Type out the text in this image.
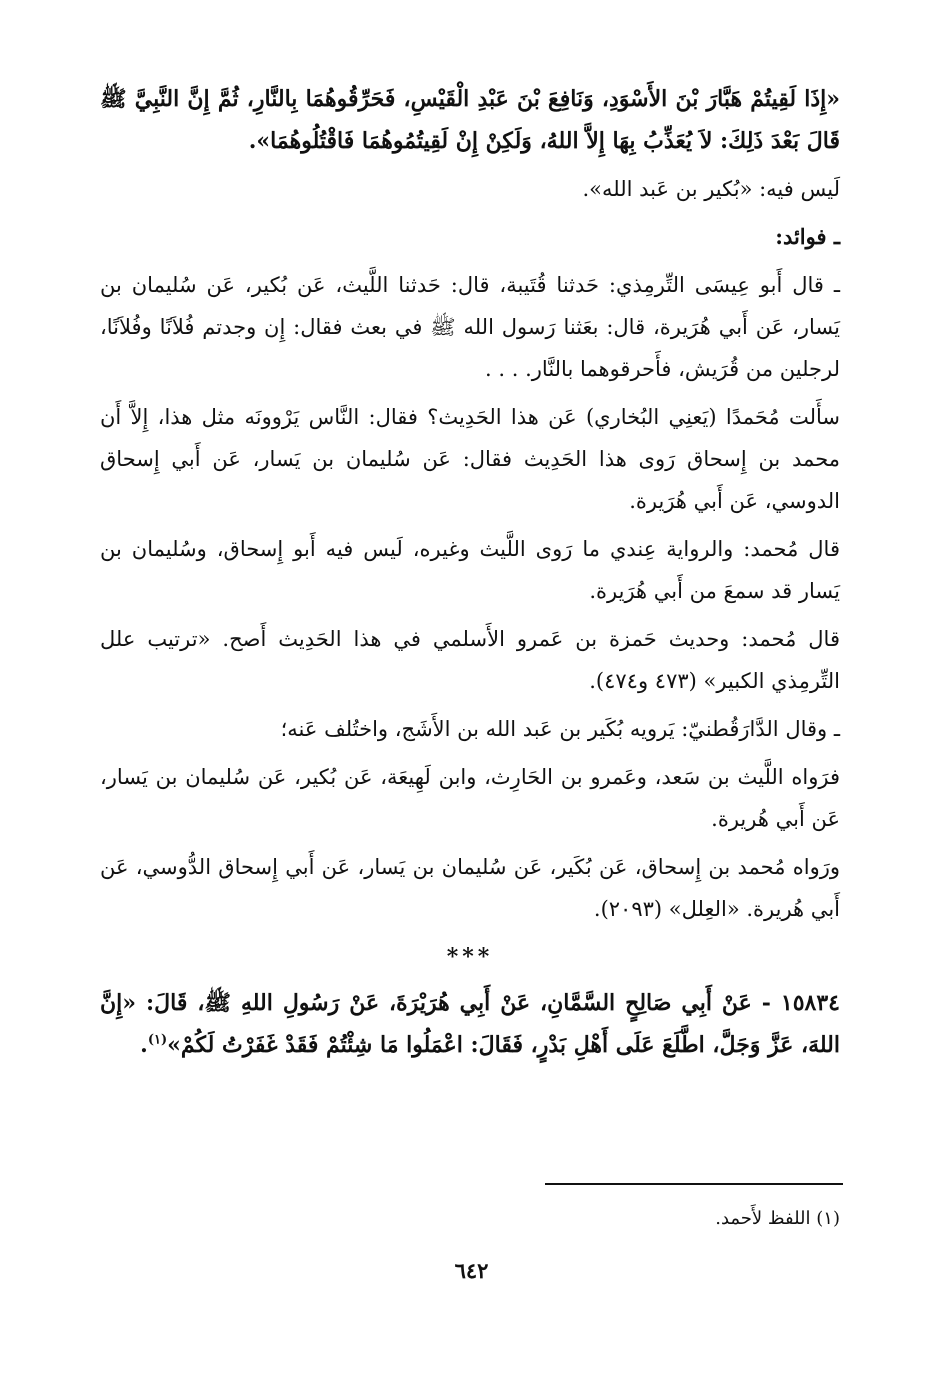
«إِذَا لَقِيتُمْ هَبَّارَ بْنَ الأَسْوَدِ، وَنَافِعَ بْنَ عَبْدِ الْقَيْسِ، فَحَرِّقُوهُمَا بِالنَّارِ، ثُمَّ إِنَّ النَّبِيَّ ﷺ قَالَ بَعْدَ ذَلِكَ: لاَ يُعَذِّبُ بِهَا إِلاَّ اللهُ، وَلَكِنْ إِنْ لَقِيتُمُوهُمَا فَاقْتُلُوهُمَا».

لَيس فيه: «بُكير بن عَبد الله».

ـ فوائد:

ـ قال أَبو عِيسَى التِّرمِذي: حَدثنا قُتَيبة، قال: حَدثنا اللَّيث، عَن بُكير، عَن سُليمان بن يَسار، عَن أَبي هُرَيرة، قال: بعَثنا رَسول الله ﷺ في بعث فقال: إِن وجدتم فُلاَنًا وفُلاَنًا، لرجلين من قُرَيش، فأَحرقوهما بالنَّار. . . .

سأَلت مُحَمدًا (يَعنِي البُخاري) عَن هذا الحَدِيث؟ فقال: النَّاس يَرْوونَه مثل هذا، إِلاَّ أَن محمد بن إِسحاق رَوى هذا الحَدِيث فقال: عَن سُليمان بن يَسار، عَن أَبي إِسحاق الدوسي، عَن أَبي هُرَيرة.

قال مُحمد: والرواية عِندي ما رَوى اللَّيث وغيره، لَيس فيه أَبو إِسحاق، وسُليمان بن يَسار قد سمعَ من أَبي هُرَيرة.

قال مُحمد: وحديث حَمزة بن عَمرو الأَسلمي في هذا الحَدِيث أَصح. «ترتيب علل التِّرمِذي الكبير» (٤٧٣ و٤٧٤).

ـ وقال الدَّارَقُطنيّ: يَرويه بُكَير بن عَبد الله بن الأَشَج، واختُلف عَنه؛

فرَواه اللَّيث بن سَعد، وعَمرو بن الحَارِث، وابن لَهِيعَة، عَن بُكير، عَن سُليمان بن يَسار، عَن أَبي هُريرة.

ورَواه مُحمد بن إِسحاق، عَن بُكَير، عَن سُليمان بن يَسار، عَن أَبي إِسحاق الدُّوسي، عَن أَبي هُريرة. «العِلل» (٢٠٩٣).

***

١٥٨٣٤ - عَنْ أَبِي صَالِحٍ السَّمَّانِ، عَنْ أَبِي هُرَيْرَةَ، عَنْ رَسُولِ اللهِ ﷺ، قَالَ: «إِنَّ اللهَ، عَزَّ وَجَلَّ، اطَّلَعَ عَلَى أَهْلِ بَدْرٍ، فَقَالَ: اعْمَلُوا مَا شِئْتُمْ فَقَدْ غَفَرْتُ لَكُمْ»$^{(١)}$.

(١) اللفظ لأَحمد.
٦٤٢
